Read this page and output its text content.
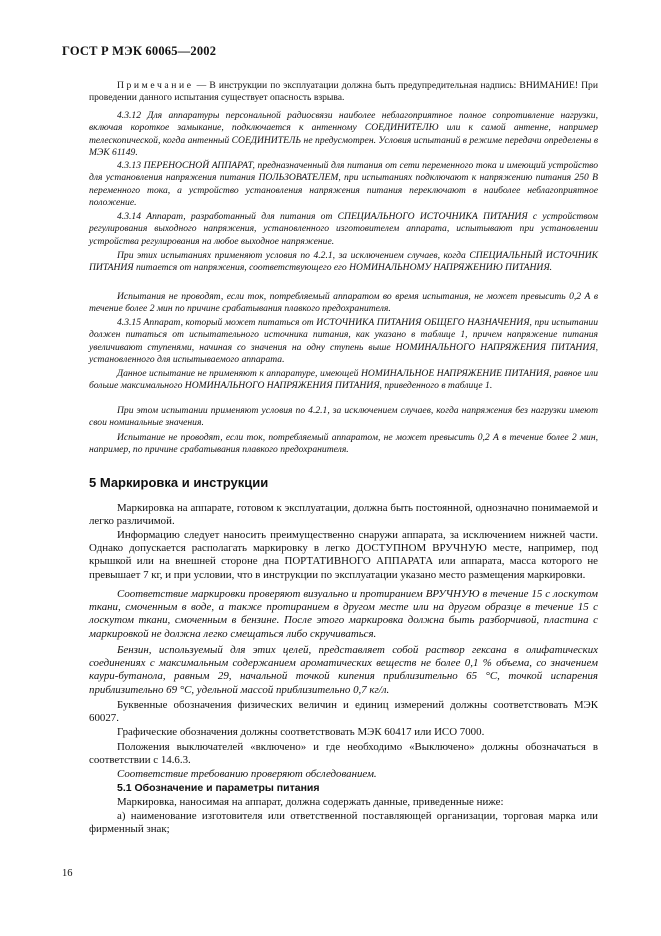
ГОСТ Р МЭК 60065—2002

Примечание — В инструкции по эксплуатации должна быть предупредительная надпись: ВНИМАНИЕ! При проведении данного испытания существует опасность взрыва.

4.3.12 Для аппаратуры персональной радиосвязи наиболее неблагоприятное полное сопротивление нагрузки, включая короткое замыкание, подключается к антенному СОЕДИНИТЕЛЮ или к самой антенне, например телескопической, когда антенный СОЕДИНИТЕЛЬ не предусмотрен. Условия испытаний в режиме передачи определены в МЭК 61149.

4.3.13 ПЕРЕНОСНОЙ АППАРАТ, предназначенный для питания от сети переменного тока и имеющий устройство для установления напряжения питания ПОЛЬЗОВАТЕЛЕМ, при испытаниях подключают к напряжению питания 250 В переменного тока, а устройство установления напряжения питания переключают в наиболее неблагоприятное положение.

4.3.14 Аппарат, разработанный для питания от СПЕЦИАЛЬНОГО ИСТОЧНИКА ПИТАНИЯ с устройством регулирования выходного напряжения, установленного изготовителем аппарата, испытывают при установлении устройства регулирования на любое выходное напряжение.

При этих испытаниях применяют условия по 4.2.1, за исключением случаев, когда СПЕЦИАЛЬНЫЙ ИСТОЧНИК ПИТАНИЯ питается от напряжения, соответствующего его НОМИНАЛЬНОМУ НАПРЯЖЕНИЮ ПИТАНИЯ.

Испытания не проводят, если ток, потребляемый аппаратом во время испытания, не может превысить 0,2 А в течение более 2 мин по причине срабатывания плавкого предохранителя.

4.3.15 Аппарат, который может питаться от ИСТОЧНИКА ПИТАНИЯ ОБЩЕГО НАЗНАЧЕНИЯ, при испытании должен питаться от испытательного источника питания, как указано в таблице 1, причем напряжение питания увеличивают ступенями, начиная со значения на одну ступень выше НОМИНАЛЬНОГО НАПРЯЖЕНИЯ ПИТАНИЯ, установленного для испытываемого аппарата.

Данное испытание не применяют к аппаратуре, имеющей НОМИНАЛЬНОЕ НАПРЯЖЕНИЕ ПИТАНИЯ, равное или больше максимального НОМИНАЛЬНОГО НАПРЯЖЕНИЯ ПИТАНИЯ, приведенного в таблице 1.

При этом испытании применяют условия по 4.2.1, за исключением случаев, когда напряжения без нагрузки имеют свои номинальные значения.

Испытание не проводят, если ток, потребляемый аппаратом, не может превысить 0,2 А в течение более 2 мин, например, по причине срабатывания плавкого предохранителя.

5 Маркировка и инструкции

Маркировка на аппарате, готовом к эксплуатации, должна быть постоянной, однозначно понимаемой и легко различимой.

Информацию следует наносить преимущественно снаружи аппарата, за исключением нижней части. Однако допускается располагать маркировку в легко ДОСТУПНОМ ВРУЧНУЮ месте, например, под крышкой или на внешней стороне дна ПОРТАТИВНОГО АППАРАТА или аппарата, масса которого не превышает 7 кг, и при условии, что в инструкции по эксплуатации указано место размещения маркировки.

Соответствие маркировки проверяют визуально и протиранием ВРУЧНУЮ в течение 15 с лоскутом ткани, смоченным в воде, а также протиранием в другом месте или на другом образце в течение 15 с лоскутом ткани, смоченным в бензине. После этого маркировка должна быть разборчивой, пластина с маркировкой не должна легко смещаться либо скручиваться.

Бензин, используемый для этих целей, представляет собой раствор гексана в олифатических соединениях с максимальным содержанием ароматических веществ не более 0,1 % объема, со значением каури-бутанола, равным 29, начальной точкой кипения приблизительно 65 °С, точкой испарения приблизительно 69 °С, удельной массой приблизительно 0,7 кг/л.

Буквенные обозначения физических величин и единиц измерений должны соответствовать МЭК 60027.

Графические обозначения должны соответствовать МЭК 60417 или ИСО 7000.

Положения выключателей «включено» и где необходимо «Выключено» должны обозначаться в соответствии с 14.6.3.

Соответствие требованию проверяют обследованием.

5.1 Обозначение и параметры питания

Маркировка, наносимая на аппарат, должна содержать данные, приведенные ниже:

а) наименование изготовителя или ответственной поставляющей организации, торговая марка или фирменный знак;

16
